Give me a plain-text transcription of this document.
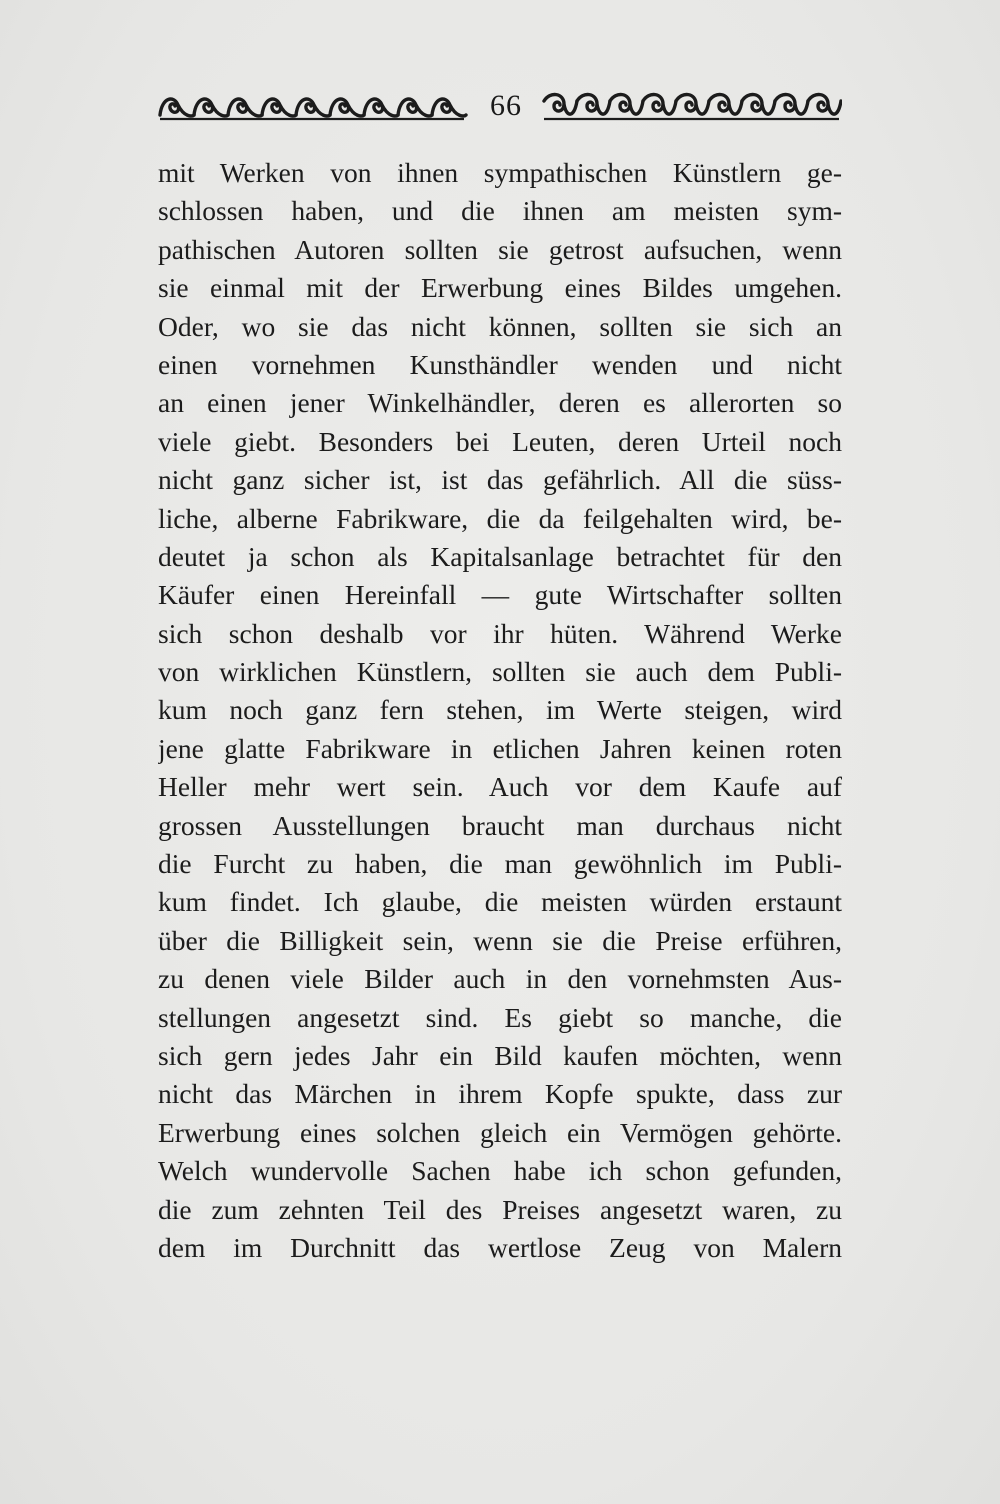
66
mit Werken von ihnen sympathischen Künstlern ge-
schlossen haben, und die ihnen am meisten sym-
pathischen Autoren sollten sie getrost aufsuchen, wenn
sie einmal mit der Erwerbung eines Bildes umgehen.
Oder, wo sie das nicht können, sollten sie sich an
einen vornehmen Kunsthändler wenden und nicht
an einen jener Winkelhändler, deren es allerorten so
viele giebt. Besonders bei Leuten, deren Urteil noch
nicht ganz sicher ist, ist das gefährlich. All die süss-
liche, alberne Fabrikware, die da feilgehalten wird, be-
deutet ja schon als Kapitalsanlage betrachtet für den
Käufer einen Hereinfall — gute Wirtschafter sollten
sich schon deshalb vor ihr hüten. Während Werke
von wirklichen Künstlern, sollten sie auch dem Publi-
kum noch ganz fern stehen, im Werte steigen, wird
jene glatte Fabrikware in etlichen Jahren keinen roten
Heller mehr wert sein. Auch vor dem Kaufe auf
grossen Ausstellungen braucht man durchaus nicht
die Furcht zu haben, die man gewöhnlich im Publi-
kum findet. Ich glaube, die meisten würden erstaunt
über die Billigkeit sein, wenn sie die Preise erführen,
zu denen viele Bilder auch in den vornehmsten Aus-
stellungen angesetzt sind. Es giebt so manche, die
sich gern jedes Jahr ein Bild kaufen möchten, wenn
nicht das Märchen in ihrem Kopfe spukte, dass zur
Erwerbung eines solchen gleich ein Vermögen gehörte.
Welch wundervolle Sachen habe ich schon gefunden,
die zum zehnten Teil des Preises angesetzt waren, zu
dem im Durchnitt das wertlose Zeug von Malern
